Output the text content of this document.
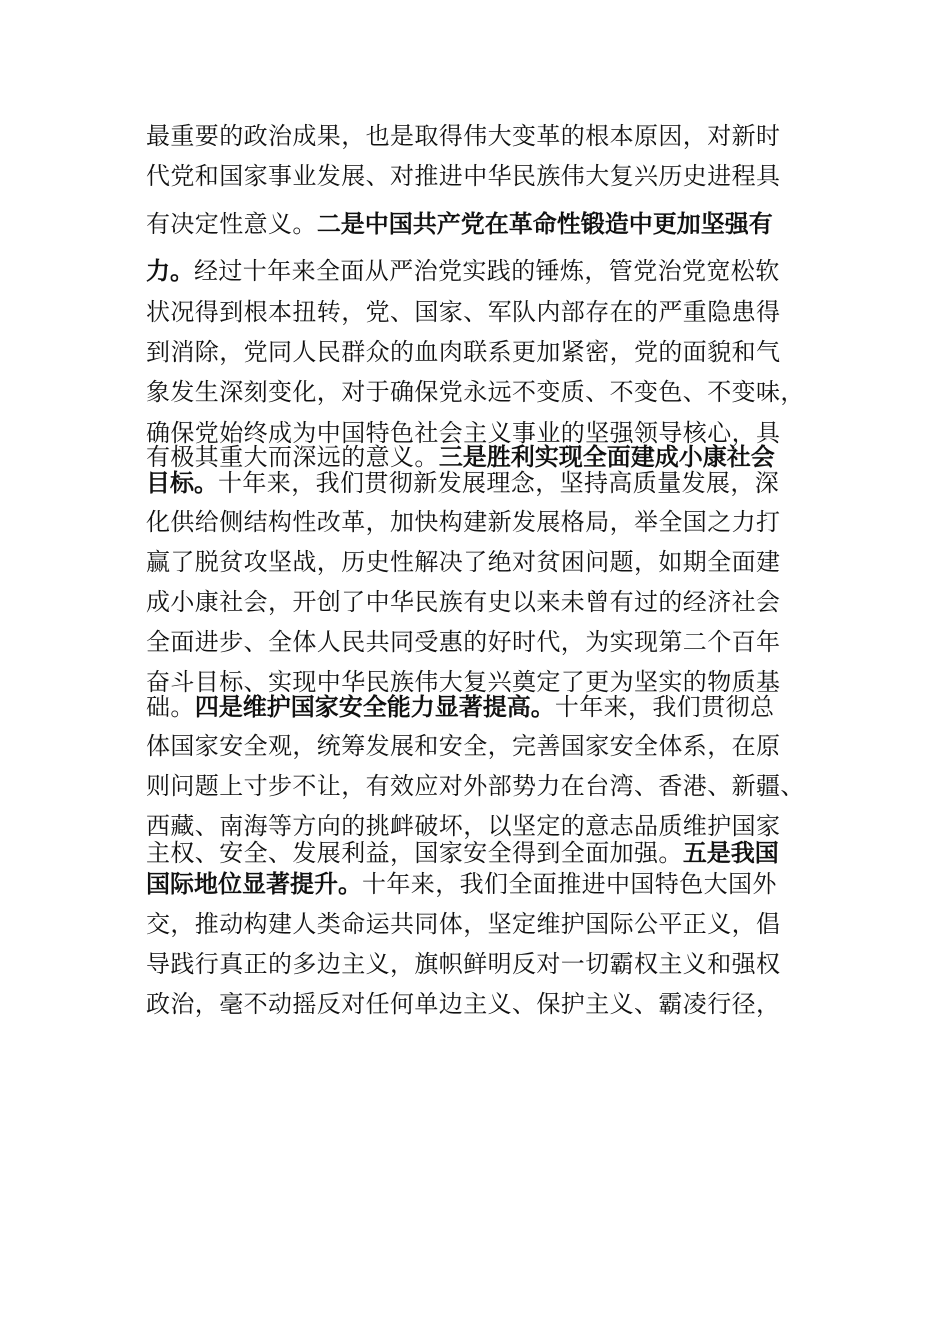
最重要的政治成果，也是取得伟大变革的根本原因，对新时
代党和国家事业发展、对推进中华民族伟大复兴历史进程具
有决定性意义。二是中国共产党在革命性锻造中更加坚强有
力。经过十年来全面从严治党实践的锤炼，管党治党宽松软
状况得到根本扭转，党、国家、军队内部存在的严重隐患得
到消除，党同人民群众的血肉联系更加紧密，党的面貌和气
象发生深刻变化，对于确保党永远不变质、不变色、不变味，
确保党始终成为中国特色社会主义事业的坚强领导核心，具
有极其重大而深远的意义。三是胜利实现全面建成小康社会
目标。十年来，我们贯彻新发展理念，坚持高质量发展，深
化供给侧结构性改革，加快构建新发展格局，举全国之力打
赢了脱贫攻坚战，历史性解决了绝对贫困问题，如期全面建
成小康社会，开创了中华民族有史以来未曾有过的经济社会
全面进步、全体人民共同受惠的好时代，为实现第二个百年
奋斗目标、实现中华民族伟大复兴奠定了更为坚实的物质基
础。四是维护国家安全能力显著提高。十年来，我们贯彻总
体国家安全观，统筹发展和安全，完善国家安全体系，在原
则问题上寸步不让，有效应对外部势力在台湾、香港、新疆、
西藏、南海等方向的挑衅破坏，以坚定的意志品质维护国家
主权、安全、发展利益，国家安全得到全面加强。五是我国
国际地位显著提升。十年来，我们全面推进中国特色大国外
交，推动构建人类命运共同体，坚定维护国际公平正义，倡
导践行真正的多边主义，旗帜鲜明反对一切霸权主义和强权
政治，毫不动摇反对任何单边主义、保护主义、霸凌行径，
